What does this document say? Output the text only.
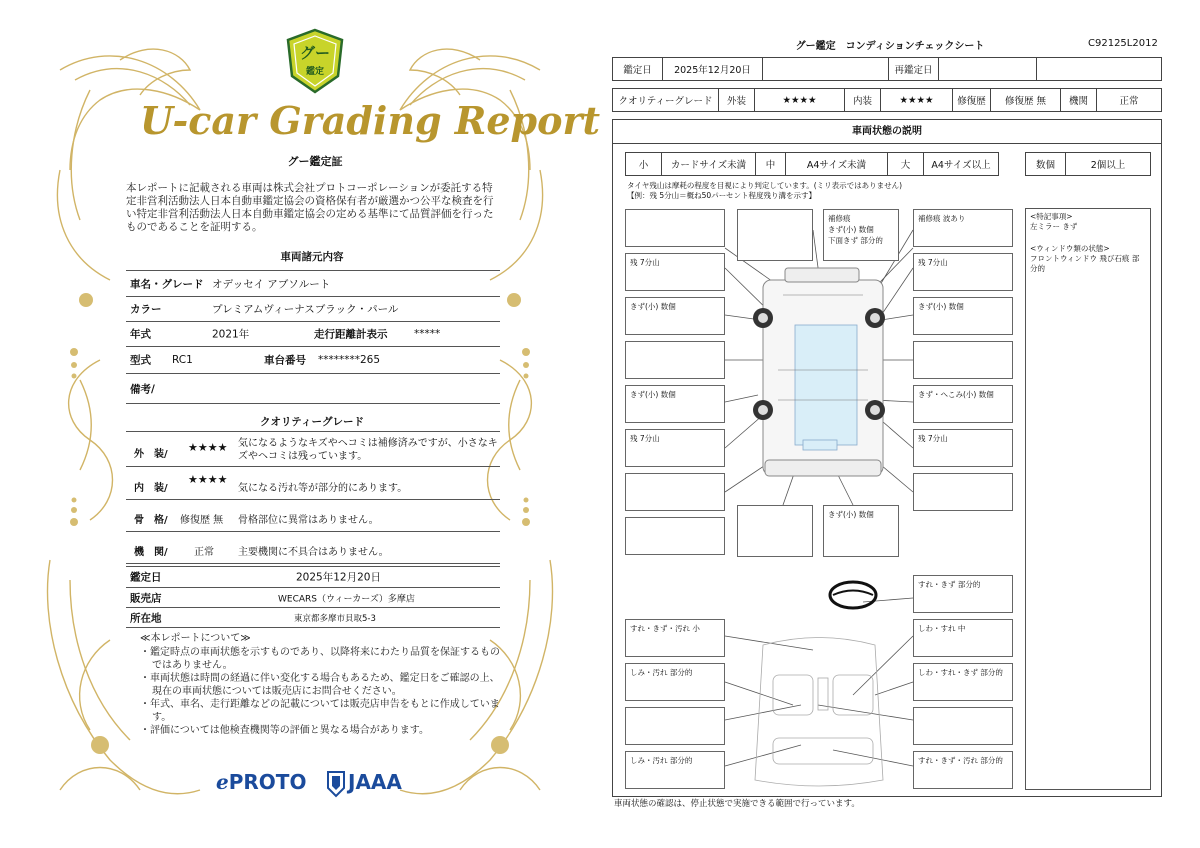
グー
鑑定
U-car Grading Report
グー鑑定証
本レポートに記載される車両は株式会社プロトコーポレーションが委託する特定非営利活動法人日本自動車鑑定協会の資格保有者が厳選かつ公平な検査を行い特定非営利活動法人日本自動車鑑定協会の定める基準にて品質評価を行ったものであることを証明する。
車両諸元内容
車名・グレード オデッセイ アブソルート
カラー	プレミアムヴィーナスブラック・パール
年式	2021年	走行距離計表示	*****
型式 RC1	車台番号 ********265
備考/
クオリティーグレード
外　装/
★★★★ 気になるようなキズやヘコミは補修済みですが、小さなキズやヘコミは残っています。
内　装/
★★★★
気になる汚れ等が部分的にあります。
骨　格/ 修復歴 無 骨格部位に異常はありません。
機　関/	正常 主要機関に不具合はありません。
鑑定日	2025年12月20日
販売店	WECARS（ウィーカーズ）多摩店
所在地	東京都多摩市貝取5-3
≪本レポートについて≫
・鑑定時点の車両状態を示すものであり、以降将来にわたり品質を保証するものではありません。
・車両状態は時間の経過に伴い変化する場合もあるため、鑑定日をご確認の上、現在の車両状態については販売店にお問合せください。
・年式、車名、走行距離などの記載については販売店申告をもとに作成しています。
・評価については他検査機関等の評価と異なる場合があります。
ℯPROTO JAAA
グー鑑定　コンディションチェックシート	C92125L2012
鑑定日	2025年12月20日	再鑑定日
クオリティーグレード	外装	★★★★	内装	★★★★	修復歴	修復歴 無	機関	正常
車両状態の説明
小	カードサイズ未満	中	A4サイズ未満	大	A4サイズ以上	数個	2個以上
タイヤ残山は摩耗の程度を目視により判定しています。(ミリ表示ではありません)
【例：残 5分山＝概ね50パーセント程度残り溝を示す】
補修痕
きず(小) 数個
下面きず 部分的
補修痕 波あり
残 7分山	残 7分山
きず(小) 数個	きず(小) 数個
きず(小) 数個	きず・へこみ(小) 数個
残 7分山	残 7分山
きず(小) 数個
すれ・きず 部分的
すれ・きず・汚れ 小	しわ・すれ 中
しみ・汚れ 部分的	しわ・すれ・きず 部分的
しみ・汚れ 部分的	すれ・きず・汚れ 部分的
<特記事項>
左ミラー きず
<ウィンドウ類の状態>
フロントウィンドウ 飛び石痕 部分的
車両状態の確認は、停止状態で実施できる範囲で行っています。
